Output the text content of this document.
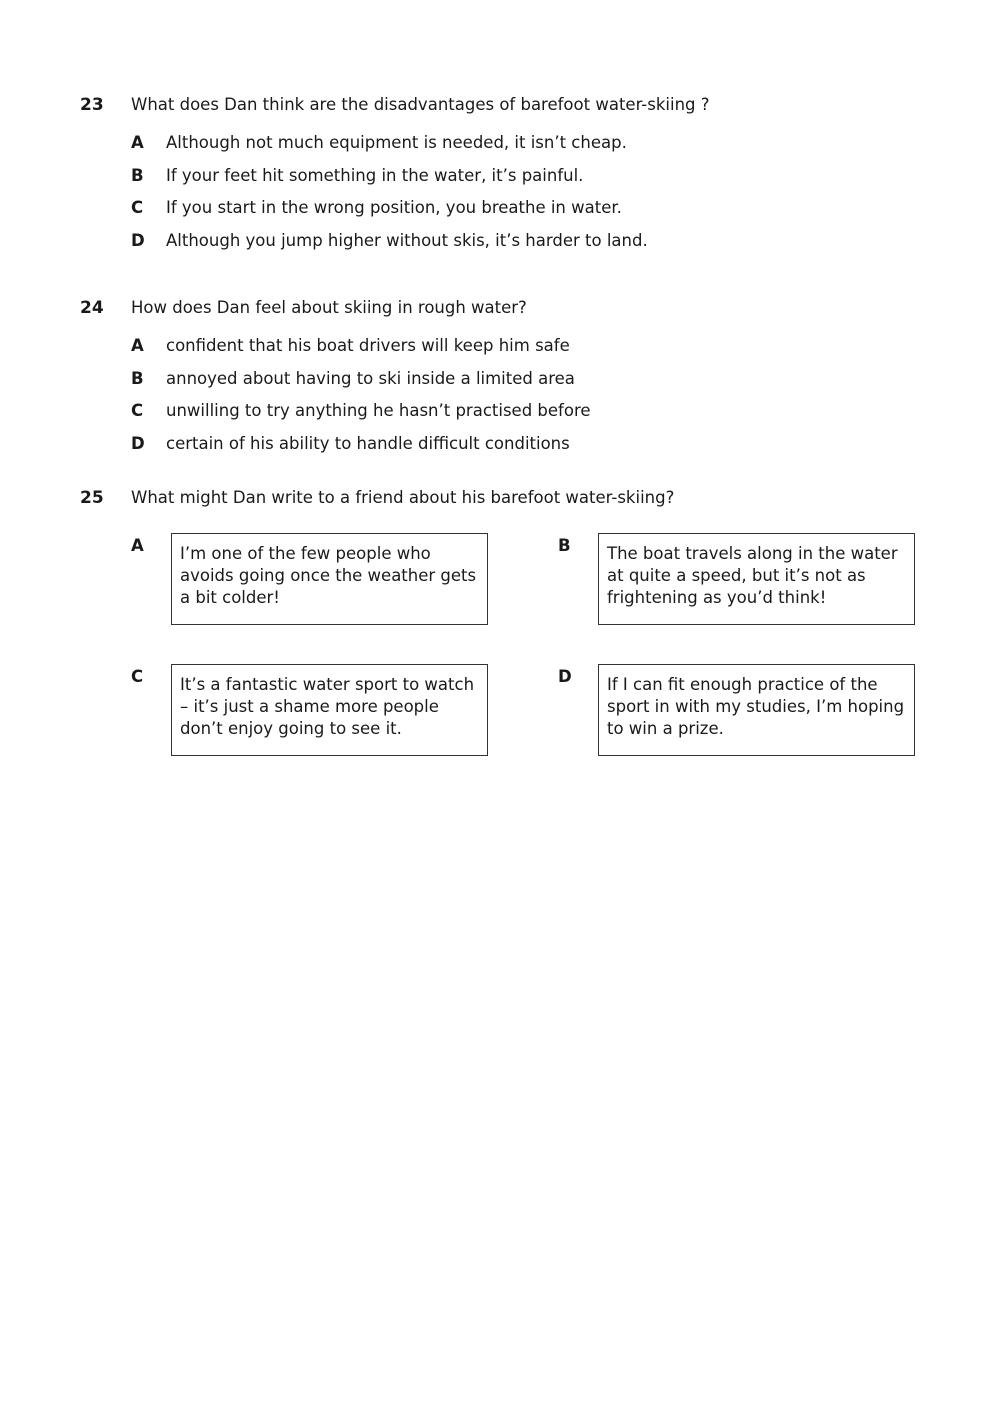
23 What does Dan think are the disadvantages of barefoot water-skiing ?
A Although not much equipment is needed, it isn’t cheap.
B If your feet hit something in the water, it’s painful.
C If you start in the wrong position, you breathe in water.
D Although you jump higher without skis, it’s harder to land.
24 How does Dan feel about skiing in rough water?
A confident that his boat drivers will keep him safe
B annoyed about having to ski inside a limited area
C unwilling to try anything he hasn’t practised before
D certain of his ability to handle difficult conditions
25 What might Dan write to a friend about his barefoot water-skiing?
A I’m one of the few people who
avoids going once the weather gets
a bit colder!
B The boat travels along in the water
at quite a speed, but it’s not as
frightening as you’d think!
C It’s a fantastic water sport to watch
– it’s just a shame more people
don’t enjoy going to see it.
D If I can fit enough practice of the
sport in with my studies, I’m hoping
to win a prize.
